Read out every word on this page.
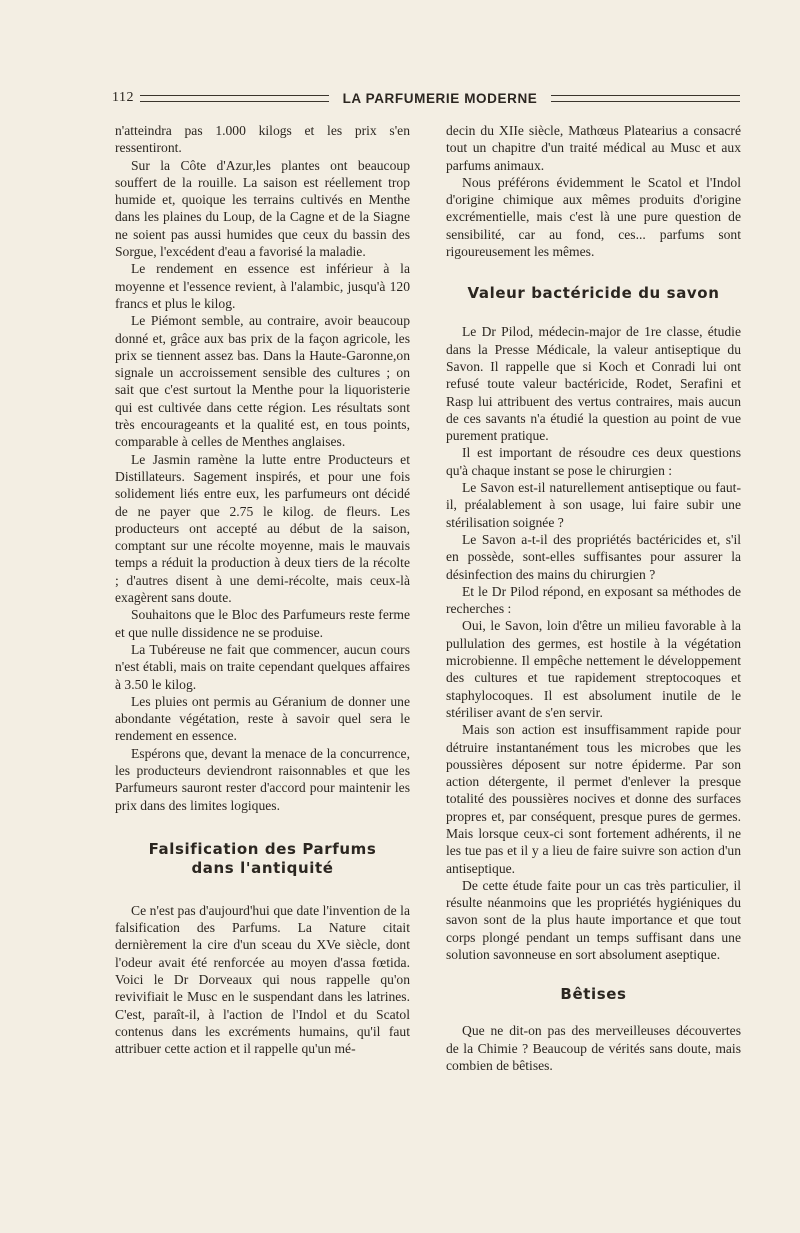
112	LA PARFUMERIE MODERNE

n'atteindra pas 1.000 kilogs et les prix s'en ressentiront.

Sur la Côte d'Azur,les plantes ont beaucoup souffert de la rouille. La saison est réellement trop humide et, quoique les terrains cultivés en Menthe dans les plaines du Loup, de la Cagne et de la Siagne ne soient pas aussi humides que ceux du bassin des Sorgue, l'excédent d'eau a favorisé la maladie.

Le rendement en essence est inférieur à la moyenne et l'essence revient, à l'alambic, jusqu'à 120 francs et plus le kilog.

Le Piémont semble, au contraire, avoir beaucoup donné et, grâce aux bas prix de la façon agricole, les prix se tiennent assez bas. Dans la Haute-Garonne,on signale un accroissement sensible des cultures ; on sait que c'est surtout la Menthe pour la liquoristerie qui est cultivée dans cette région. Les résultats sont très encourageants et la qualité est, en tous points, comparable à celles de Menthes anglaises.

Le Jasmin ramène la lutte entre Producteurs et Distillateurs. Sagement inspirés, et pour une fois solidement liés entre eux, les parfumeurs ont décidé de ne payer que 2.75 le kilog. de fleurs. Les producteurs ont accepté au début de la saison, comptant sur une récolte moyenne, mais le mauvais temps a réduit la production à deux tiers de la récolte ; d'autres disent à une demi-récolte, mais ceux-là exagèrent sans doute.

Souhaitons que le Bloc des Parfumeurs reste ferme et que nulle dissidence ne se produise.

La Tubéreuse ne fait que commencer, aucun cours n'est établi, mais on traite cependant quelques affaires à 3.50 le kilog.

Les pluies ont permis au Géranium de donner une abondante végétation, reste à savoir quel sera le rendement en essence.

Espérons que, devant la menace de la concurrence, les producteurs deviendront raisonnables et que les Parfumeurs sauront rester d'accord pour maintenir les prix dans des limites logiques.

Falsification des Parfums
dans l'antiquité

Ce n'est pas d'aujourd'hui que date l'invention de la falsification des Parfums. La Nature citait dernièrement la cire d'un sceau du XVe siècle, dont l'odeur avait été renforcée au moyen d'assa fœtida. Voici le Dr Dorveaux qui nous rappelle qu'on revivifiait le Musc en le suspendant dans les latrines. C'est, paraît-il, à l'action de l'Indol et du Scatol contenus dans les excréments humains, qu'il faut attribuer cette action et il rappelle qu'un mé-

decin du XIIe siècle, Mathœus Platearius a consacré tout un chapitre d'un traité médical au Musc et aux parfums animaux.

Nous préférons évidemment le Scatol et l'Indol d'origine chimique aux mêmes produits d'origine excrémentielle, mais c'est là une pure question de sensibilité, car au fond, ces... parfums sont rigoureusement les mêmes.

Valeur bactéricide du savon

Le Dr Pilod, médecin-major de 1re classe, étudie dans la Presse Médicale, la valeur antiseptique du Savon. Il rappelle que si Koch et Conradi lui ont refusé toute valeur bactéricide, Rodet, Serafini et Rasp lui attribuent des vertus contraires, mais aucun de ces savants n'a étudié la question au point de vue purement pratique.

Il est important de résoudre ces deux questions qu'à chaque instant se pose le chirurgien :

Le Savon est-il naturellement antiseptique ou faut-il, préalablement à son usage, lui faire subir une stérilisation soignée ?

Le Savon a-t-il des propriétés bactéricides et, s'il en possède, sont-elles suffisantes pour assurer la désinfection des mains du chirurgien ?

Et le Dr Pilod répond, en exposant sa méthodes de recherches :

Oui, le Savon, loin d'être un milieu favorable à la pullulation des germes, est hostile à la végétation microbienne. Il empêche nettement le développement des cultures et tue rapidement streptocoques et staphylocoques. Il est absolument inutile de le stériliser avant de s'en servir.

Mais son action est insuffisamment rapide pour détruire instantanément tous les microbes que les poussières déposent sur notre épiderme. Par son action détergente, il permet d'enlever la presque totalité des poussières nocives et donne des surfaces propres et, par conséquent, presque pures de germes. Mais lorsque ceux-ci sont fortement adhérents, il ne les tue pas et il y a lieu de faire suivre son action d'un antiseptique.

De cette étude faite pour un cas très particulier, il résulte néanmoins que les propriétés hygiéniques du savon sont de la plus haute importance et que tout corps plongé pendant un temps suffisant dans une solution savonneuse en sort absolument aseptique.

Bêtises

Que ne dit-on pas des merveilleuses découvertes de la Chimie ? Beaucoup de vérités sans doute, mais combien de bêtises.
